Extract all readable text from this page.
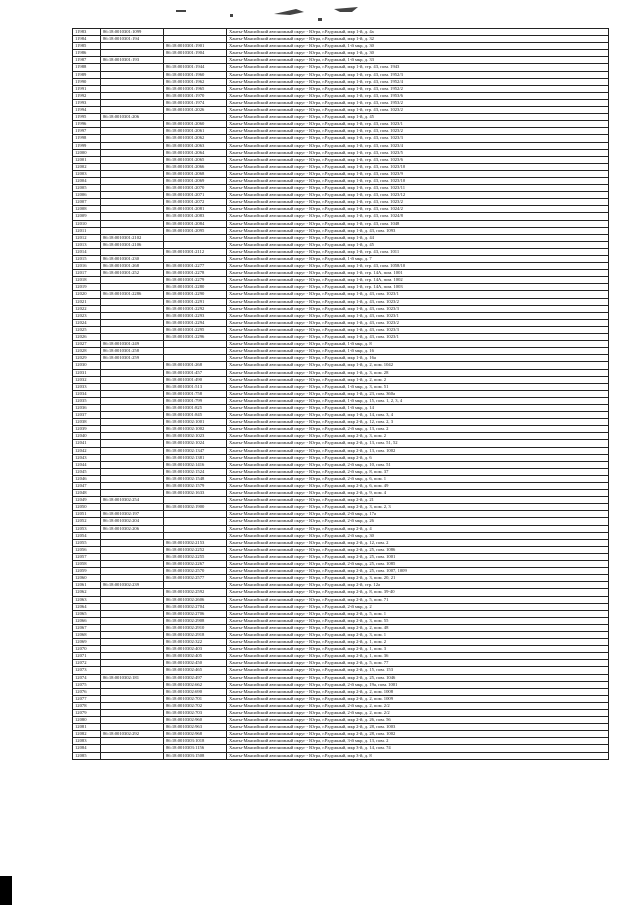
11983	86:18:0010301:1099		Ханты-Мансийский автономный округ - Югра, г.Радужный, мкр 1-й, д. 4а
11984	86:18:0010301:194		Ханты-Мансийский автономный округ - Югра, г.Радужный, мкр 1-й, д. 32
11985		86:18:0010301:1901	Ханты-Мансийский автономный округ - Югра, г.Радужный, 1-й мкр, д. 30
11986		86:18:0010301:1904	Ханты-Мансийский автономный округ - Югра, г.Радужный, мкр 1-й, д. 30
11987	86:18:0010301:193		Ханты-Мансийский автономный округ - Югра, г.Радужный, 1-й мкр, д. 33
11988		86:18:0010301:1944	Ханты-Мансийский автономный округ - Югра, г.Радужный, мкр 1-й, стр. 43, пом. 1943
11989		86:18:0010301:1960	Ханты-Мансийский автономный округ - Югра, г.Радужный, мкр 1-й, стр. 43, пом. 1952/3
11990		86:18:0010301:1962	Ханты-Мансийский автономный округ - Югра, г.Радужный, мкр 1-й, стр. 43, пом. 1952/4
11991		86:18:0010301:1965	Ханты-Мансийский автономный округ - Югра, г.Радужный, мкр 1-й, стр. 43, пом. 1952/2
11992		86:18:0010301:1970	Ханты-Мансийский автономный округ - Югра, г.Радужный, мкр 1-й, стр. 43, пом. 1953/6
11993		86:18:0010301:1974	Ханты-Мансийский автономный округ - Югра, г.Радужный, мкр 1-й, стр. 43, пом. 1953/2
11994		86:18:0010301:2026	Ханты-Мансийский автономный округ - Югра, г.Радужный, мкр 1-й, стр. 43, пом. 1023/2
11995	86:18:0010301:206		Ханты-Мансийский автономный округ - Югра, г.Радужный, мкр 1-й, д. 45
11996		86:18:0010301:2060	Ханты-Мансийский автономный округ - Югра, г.Радужный, мкр 1-й, стр. 43, пом. 1023/1
11997		86:18:0010301:2061	Ханты-Мансийский автономный округ - Югра, г.Радужный, мкр 1-й, стр. 43, пом. 1023/2
11998		86:18:0010301:2062	Ханты-Мансийский автономный округ - Югра, г.Радужный, мкр 1-й, стр. 43, пом. 1023/3
11999		86:18:0010301:2063	Ханты-Мансийский автономный округ - Югра, г.Радужный, мкр 1-й, стр. 43, пом. 1023/4
12000		86:18:0010301:2064	Ханты-Мансийский автономный округ - Югра, г.Радужный, мкр 1-й, стр. 43, пом. 1023/5
12001		86:18:0010301:2065	Ханты-Мансийский автономный округ - Югра, г.Радужный, мкр 1-й, стр. 43, пом. 1023/6
12002		86:18:0010301:2066	Ханты-Мансийский автономный округ - Югра, г.Радужный, мкр 1-й, стр. 43, пом. 1023/10
12003		86:18:0010301:2068	Ханты-Мансийский автономный округ - Югра, г.Радужный, мкр 1-й, стр. 43, пом. 1023/9
12004		86:18:0010301:2069	Ханты-Мансийский автономный округ - Югра, г.Радужный, мкр 1-й, стр. 43, пом. 1023/10
12005		86:18:0010301:2070	Ханты-Мансийский автономный округ - Югра, г.Радужный, мкр 1-й, стр. 43, пом. 1023/11
12006		86:18:0010301:2071	Ханты-Мансийский автономный округ - Югра, г.Радужный, мкр 1-й, стр. 43, пом. 1023/12
12007		86:18:0010301:2072	Ханты-Мансийский автономный округ - Югра, г.Радужный, мкр 1-й, стр. 43, пом. 1023/2
12008		86:18:0010301:2081	Ханты-Мансийский автономный округ - Югра, г.Радужный, мкр 1-й, стр. 43, пом. 1024/2
12009		86:18:0010301:2083	Ханты-Мансийский автономный округ - Югра, г.Радужный, мкр 1-й, стр. 43, пом. 1024/8
12010		86:18:0010301:2084	Ханты-Мансийский автономный округ - Югра, г.Радужный, мкр 1-й, стр. 43, пом. 1048
12011		86:18:0010301:2095	Ханты-Мансийский автономный округ - Югра, г.Радужный, мкр 1-й, д. 43, пом. 1093
12012	86:18:0010301:2102		Ханты-Мансийский автономный округ - Югра, г.Радужный, мкр 1-й, д. 44
12013	86:18:0010301:2106		Ханты-Мансийский автономный округ - Югра, г.Радужный, мкр 1-й, д. 45
12014		86:18:0010301:2112	Ханты-Мансийский автономный округ - Югра, г.Радужный, мкр 1-й, стр. 43, пом. 1011
12015	86:18:0010301:230		Ханты-Мансийский автономный округ - Югра, г.Радужный, 1-й мкр, д. 7
12016	86:18:0010301:268	86:18:0010301:2277	Ханты-Мансийский автономный округ - Югра, г.Радужный, мкр 1-й, стр. 43, пом. 1058/10
12017	86:18:0010301:252	86:18:0010301:2278	Ханты-Мансийский автономный округ - Югра, г.Радужный, мкр 1-й, стр. 14А, пом. 1001
12018		86:18:0010301:2279	Ханты-Мансийский автономный округ - Югра, г.Радужный, мкр 1-й, стр. 14А, пом. 1002
12019		86:18:0010301:2280	Ханты-Мансийский автономный округ - Югра, г.Радужный, мкр 1-й, стр. 14А, пом. 1003
12020	86:18:0010301:2286	86:18:0010301:2290	Ханты-Мансийский автономный округ - Югра, г.Радужный, мкр 1-й, д. 43, пом. 1023/1
12021		86:18:0010301:2291	Ханты-Мансийский автономный округ - Югра, г.Радужный, мкр 1-й, д. 43, пом. 1023/2
12022		86:18:0010301:2292	Ханты-Мансийский автономный округ - Югра, г.Радужный, мкр 1-й, д. 43, пом. 1023/3
12023		86:18:0010301:2293	Ханты-Мансийский автономный округ - Югра, г.Радужный, мкр 1-й, д. 43, пом. 1023/1
12024		86:18:0010301:2294	Ханты-Мансийский автономный округ - Югра, г.Радужный, мкр 1-й, д. 43, пом. 1023/2
12025		86:18:0010301:2295	Ханты-Мансийский автономный округ - Югра, г.Радужный, мкр 1-й, д. 43, пом. 1023/3
12026		86:18:0010301:2296	Ханты-Мансийский автономный округ - Югра, г.Радужный, мкр 1-й, д. 43, пом. 1023/1
12027	86:18:0010301:249		Ханты-Мансийский автономный округ - Югра, г.Радужный, 1-й мкр, д. 8
12028	86:18:0010301:258		Ханты-Мансийский автономный округ - Югра, г.Радужный, 1-й мкр, д. 16
12029	86:18:0010301:259		Ханты-Мансийский автономный округ - Югра, г.Радужный, мкр 1-й, д. 16а
12030		86:18:0010301:268	Ханты-Мансийский автономный округ - Югра, г.Радужный, мкр 1-й, д. 2, пом. 1042
12031		86:18:0010301:457	Ханты-Мансийский автономный округ - Югра, г.Радужный, мкр 1-й, д. 3, пом. 28
12032		86:18:0010301:490	Ханты-Мансийский автономный округ - Югра, г.Радужный, мкр 1-й, д. 2, пом. 2
12033		86:18:0010301:513	Ханты-Мансийский автономный округ - Югра, г.Радужный, 1-й мкр, д. 3, пом. 51
12034		86:18:0010301:758	Ханты-Мансийский автономный округ - Югра, г.Радужный, мкр 1-й, д. 23, пом. 360а
12035		86:18:0010301:799	Ханты-Мансийский автономный округ - Югра, г.Радужный, 1-й мкр, д. 15, пом. 1, 2, 3, 4
12036		86:18:0010301:825	Ханты-Мансийский автономный округ - Югра, г.Радужный, 1-й мкр, д. 14
12037		86:18:0010301:845	Ханты-Мансийский автономный округ - Югра, г.Радужный, мкр 1-й, д. 14, пом. 3, 4
12038		86:18:0010302:1001	Ханты-Мансийский автономный округ - Югра, г.Радужный, мкр 2-й, д. 12, пом. 2, 3
12039		86:18:0010302:1002	Ханты-Мансийский автономный округ - Югра, г.Радужный, 2-й мкр, д. 13, пом. 2
12040		86:18:0010302:1023	Ханты-Мансийский автономный округ - Югра, г.Радужный, мкр 2-й, д. 3, пом. 2
12041		86:18:0010302:1024	Ханты-Мансийский автономный округ - Югра, г.Радужный, мкр 2-й, д. 13, пом. 51, 52
12042		86:18:0010302:1347	Ханты-Мансийский автономный округ - Югра, г.Радужный, мкр 2-й, д. 13, пом. 1002
12043		86:18:0010302:1381	Ханты-Мансийский автономный округ - Югра, г.Радужный, мкр 2-й, д. 6
12044		86:18:0010302:1416	Ханты-Мансийский автономный округ - Югра, г.Радужный, 2-й мкр, д. 10, пом. 51
12045		86:18:0010302:1524	Ханты-Мансийский автономный округ - Югра, г.Радужный, 2-й мкр, д. 8, пом. 37
12046		86:18:0010302:1548	Ханты-Мансийский автономный округ - Югра, г.Радужный, 2-й мкр, д. 6, пом. 1
12047		86:18:0010302:1579	Ханты-Мансийский автономный округ - Югра, г.Радужный, мкр 2-й, д. 6, пом. 49
12048		86:18:0010302:1633	Ханты-Мансийский автономный округ - Югра, г.Радужный, мкр 2-й, д. 9, пом. 4
12049	86:18:0010302:254		Ханты-Мансийский автономный округ - Югра, г.Радужный, мкр 2-й, д. 21
12050		86:18:0010302:1900	Ханты-Мансийский автономный округ - Югра, г.Радужный, мкр 2-й, д. 3, пом. 2, 3
12051	86:18:0010302:197		Ханты-Мансийский автономный округ - Югра, г.Радужный, 2-й мкр, д. 17а
12052	86:18:0010302:204		Ханты-Мансийский автономный округ - Югра, г.Радужный, 2-й мкр, д. 26
12053	86:18:0010302:206		Ханты-Мансийский автономный округ - Югра, г.Радужный, мкр 2-й, д. 4
12054			Ханты-Мансийский автономный округ - Югра, г.Радужный, 2-й мкр, д. 30
12055		86:18:0010302:2153	Ханты-Мансийский автономный округ - Югра, г.Радужный, мкр 2-й, д. 12, пом. 2
12056		86:18:0010302:2252	Ханты-Мансийский автономный округ - Югра, г.Радужный, мкр 2-й, д. 25, пом. 1086
12057		86:18:0010302:2255	Ханты-Мансийский автономный округ - Югра, г.Радужный, мкр 2-й, д. 25, пом. 1001
12058		86:18:0010302:2267	Ханты-Мансийский автономный округ - Югра, г.Радужный, 2-й мкр, д. 25, пом. 1085
12059		86:18:0010302:2570	Ханты-Мансийский автономный округ - Югра, г.Радужный, мкр 2-й, д. 25, пом. 1007, 1009
12060		86:18:0010302:2577	Ханты-Мансийский автономный округ - Югра, г.Радужный, мкр 2-й, д. 3, пом. 20, 21
12061	86:18:0010302:239		Ханты-Мансийский автономный округ - Югра, г.Радужный, мкр 2-й, стр. 12а
12062		86:18:0010302:2592	Ханты-Мансийский автономный округ - Югра, г.Радужный, мкр 2-й, д. 8, пом. 39-40
12063		86:18:0010302:2606	Ханты-Мансийский автономный округ - Югра, г.Радужный, мкр 2-й, д. 5, пом. 71
12064		86:18:0010302:2704	Ханты-Мансийский автономный округ - Югра, г.Радужный, 2-й мкр, д. 2
12065		86:18:0010302:2706	Ханты-Мансийский автономный округ - Югра, г.Радужный, мкр 2-й, д. 5, пом. 1
12066		86:18:0010302:2908	Ханты-Мансийский автономный округ - Югра, г.Радужный, мкр 2-й, д. 3, пом. 55
12067		86:18:0010302:2910	Ханты-Мансийский автономный округ - Югра, г.Радужный, мкр 2-й, д. 2, пом. 48
12068		86:18:0010302:2918	Ханты-Мансийский автономный округ - Югра, г.Радужный, мкр 2-й, д. 3, пом. 1
12069		86:18:0010302:322	Ханты-Мансийский автономный округ - Югра, г.Радужный, мкр 2-й, д. 1, пом. 2
12070		86:18:0010302:403	Ханты-Мансийский автономный округ - Югра, г.Радужный, мкр 2-й, д. 1, пом. 3
12071		86:18:0010302:405	Ханты-Мансийский автономный округ - Югра, г.Радужный, мкр 2-й, д. 1, пом. 36
12072		86:18:0010302:450	Ханты-Мансийский автономный округ - Югра, г.Радужный, мкр 2-й, д. 5, пом. 77
12073		86:18:0010302:465	Ханты-Мансийский автономный округ - Югра, г.Радужный, мкр 2-й, д. 15, пом. 153
12074	86:18:0010302:181	86:18:0010302:497	Ханты-Мансийский автономный округ - Югра, г.Радужный, мкр 2-й, д. 25, пом. 1046
12075		86:18:0010302:662	Ханты-Мансийский автономный округ - Югра, г.Радужный, 2-й мкр, д. 19а, пом. 1001
12076		86:18:0010302:690	Ханты-Мансийский автономный округ - Югра, г.Радужный, мкр 2-й, д. 2, пом. 1008
12077		86:18:0010302:701	Ханты-Мансийский автономный округ - Югра, г.Радужный, мкр 2-й, д. 2, пом. 1009
12078		86:18:0010302:702	Ханты-Мансийский автономный округ - Югра, г.Радужный, 2-й мкр, д. 2, пом. 2/2
12079		86:18:0010302:703	Ханты-Мансийский автономный округ - Югра, г.Радужный, 2-й мкр, д. 2, пом. 2/2
12080		86:18:0010302:960	Ханты-Мансийский автономный округ - Югра, г.Радужный, мкр 2-й, д. 26, пом. 56
12081		86:18:0010302:963	Ханты-Мансийский автономный округ - Югра, г.Радужный, мкр 2-й, д. 28, пом. 1003
12082	86:18:0010302:292	86:18:0010302:968	Ханты-Мансийский автономный округ - Югра, г.Радужный, мкр 2-й, д. 28, пом. 1002
12083		86:18:0010303:1018	Ханты-Мансийский автономный округ - Югра, г.Радужный, 3-й мкр, д. 13, пом. 2
12084		86:18:0010303:1156	Ханты-Мансийский автономный округ - Югра, г.Радужный, мкр 3-й, д. 14, пом. 74
12085		86:18:0010303:1508	Ханты-Мансийский автономный округ - Югра, г.Радужный, мкр 3-й, д. 8
